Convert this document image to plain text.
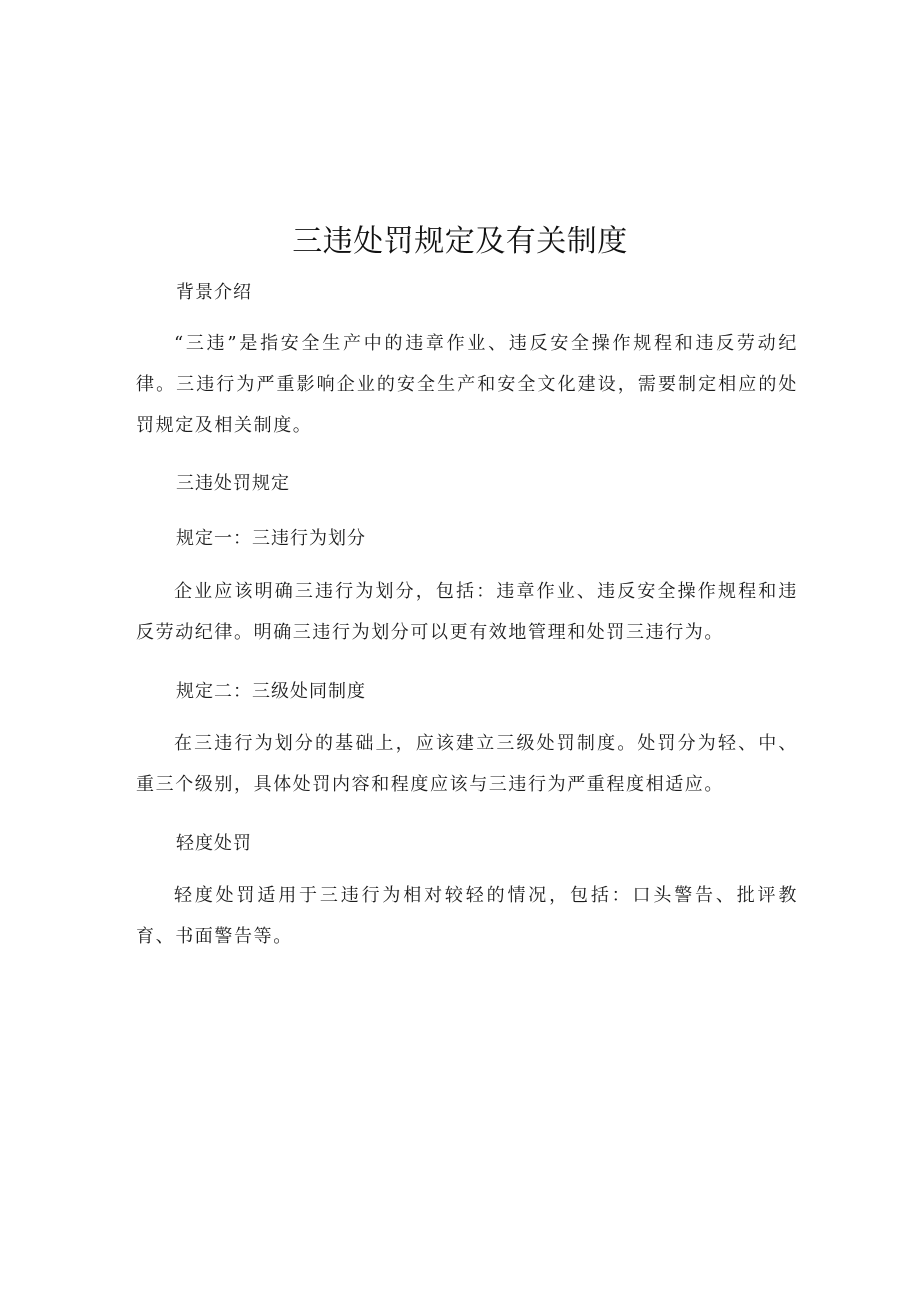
三违处罚规定及有关制度
背景介绍

“三违”是指安全生产中的违章作业、违反安全操作规程和违反劳动纪律。三违行为严重影响企业的安全生产和安全文化建设，需要制定相应的处罚规定及相关制度。

三违处罚规定
规定一：三违行为划分

企业应该明确三违行为划分，包括：违章作业、违反安全操作规程和违反劳动纪律。明确三违行为划分可以更有效地管理和处罚三违行为。

规定二：三级处同制度

在三违行为划分的基础上，应该建立三级处罚制度。处罚分为轻、中、重三个级别，具体处罚内容和程度应该与三违行为严重程度相适应。

轻度处罚

轻度处罚适用于三违行为相对较轻的情况，包括：口头警告、批评教育、书面警告等。
